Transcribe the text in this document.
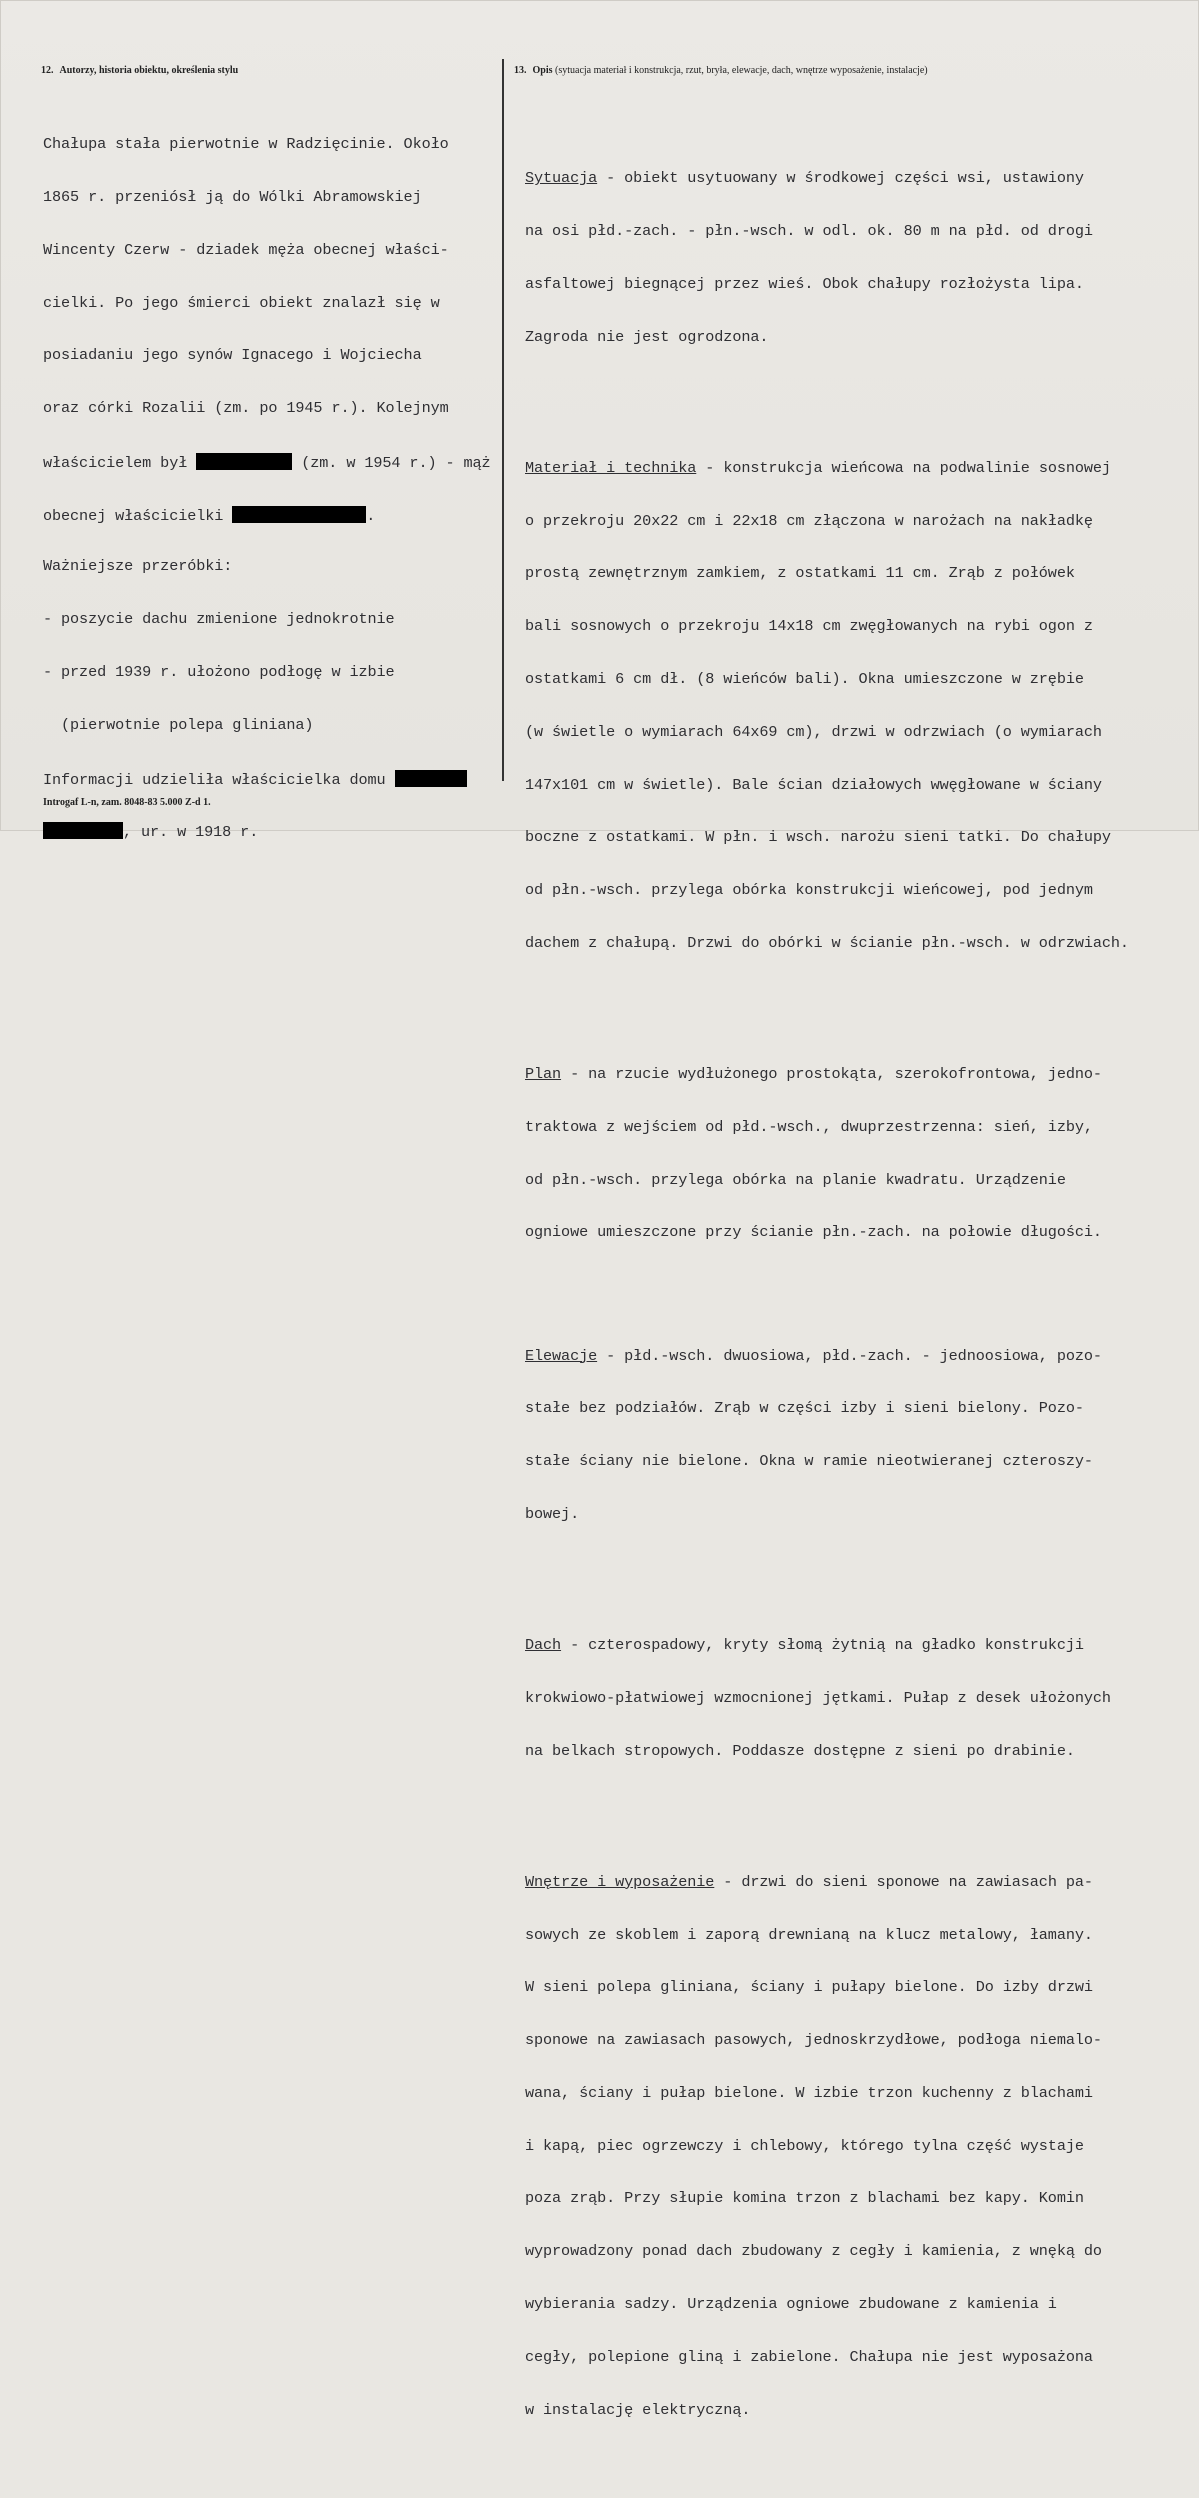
12. Autorzy, historia obiektu, określenia stylu	13. Opis (sytuacja materiał i konstrukcja, rzut, bryła, elewacje, dach, wnętrze wyposażenie, instalacje)

Chałupa stała pierwotnie w Radzięcinie. Około

1865 r. przeniósł ją do Wólki Abramowskiej

Wincenty Czerw - dziadek męża obecnej właści-

cielki. Po jego śmierci obiekt znalazł się w

posiadaniu jego synów Ignacego i Wojciecha

oraz córki Rozalii (zm. po 1945 r.). Kolejnym

właścicielem był	(zm. w 1954 r.) - mąż

obecnej właścicielki	.

Ważniejsze przeróbki:

- poszycie dachu zmienione jednokrotnie

- przed 1939 r. ułożono podłogę w izbie

(pierwotnie polepa gliniana)

Informacji udzieliła właścicielka domu

, ur. w 1918 r.

Sytuacja - obiekt usytuowany w środkowej części wsi, ustawiony

na osi płd.-zach. - płn.-wsch. w odl. ok. 80 m na płd. od drogi

asfaltowej biegnącej przez wieś. Obok chałupy rozłożysta lipa.

Zagroda nie jest ogrodzona.

Materiał i technika - konstrukcja wieńcowa na podwalinie sosnowej

o przekroju 20x22 cm i 22x18 cm złączona w narożach na nakładkę

prostą zewnętrznym zamkiem, z ostatkami 11 cm. Zrąb z połówek

bali sosnowych o przekroju 14x18 cm zwęgłowanych na rybi ogon z

ostatkami 6 cm dł. (8 wieńców bali). Okna umieszczone w zrębie

(w świetle o wymiarach 64x69 cm), drzwi w odrzwiach (o wymiarach

147x101 cm w świetle). Bale ścian działowych wwęgłowane w ściany

boczne z ostatkami. W płn. i wsch. narożu sieni tatki. Do chałupy

od płn.-wsch. przylega obórka konstrukcji wieńcowej, pod jednym

dachem z chałupą. Drzwi do obórki w ścianie płn.-wsch. w odrzwiach.

Plan - na rzucie wydłużonego prostokąta, szerokofrontowa, jedno-

traktowa z wejściem od płd.-wsch., dwuprzestrzenna: sień, izby,

od płn.-wsch. przylega obórka na planie kwadratu. Urządzenie

ogniowe umieszczone przy ścianie płn.-zach. na połowie długości.

Elewacje - płd.-wsch. dwuosiowa, płd.-zach. - jednoosiowa, pozo-

stałe bez podziałów. Zrąb w części izby i sieni bielony. Pozo-

stałe ściany nie bielone. Okna w ramie nieotwieranej czteroszy-

bowej.

Dach - czterospadowy, kryty słomą żytnią na gładko konstrukcji

krokwiowo-płatwiowej wzmocnionej jętkami. Pułap z desek ułożonych

na belkach stropowych. Poddasze dostępne z sieni po drabinie.

Wnętrze i wyposażenie - drzwi do sieni sponowe na zawiasach pa-

sowych ze skoblem i zaporą drewnianą na klucz metalowy, łamany.

W sieni polepa gliniana, ściany i pułapy bielone. Do izby drzwi

sponowe na zawiasach pasowych, jednoskrzydłowe, podłoga niemalo-

wana, ściany i pułap bielone. W izbie trzon kuchenny z blachami

i kapą, piec ogrzewczy i chlebowy, którego tylna część wystaje

poza zrąb. Przy słupie komina trzon z blachami bez kapy. Komin

wyprowadzony ponad dach zbudowany z cegły i kamienia, z wnęką do

wybierania sadzy. Urządzenia ogniowe zbudowane z kamienia i

cegły, polepione gliną i zabielone. Chałupa nie jest wyposażona

w instalację elektryczną.

Introgaf L-n, zam. 8048-83 5.000 Z-d 1.
